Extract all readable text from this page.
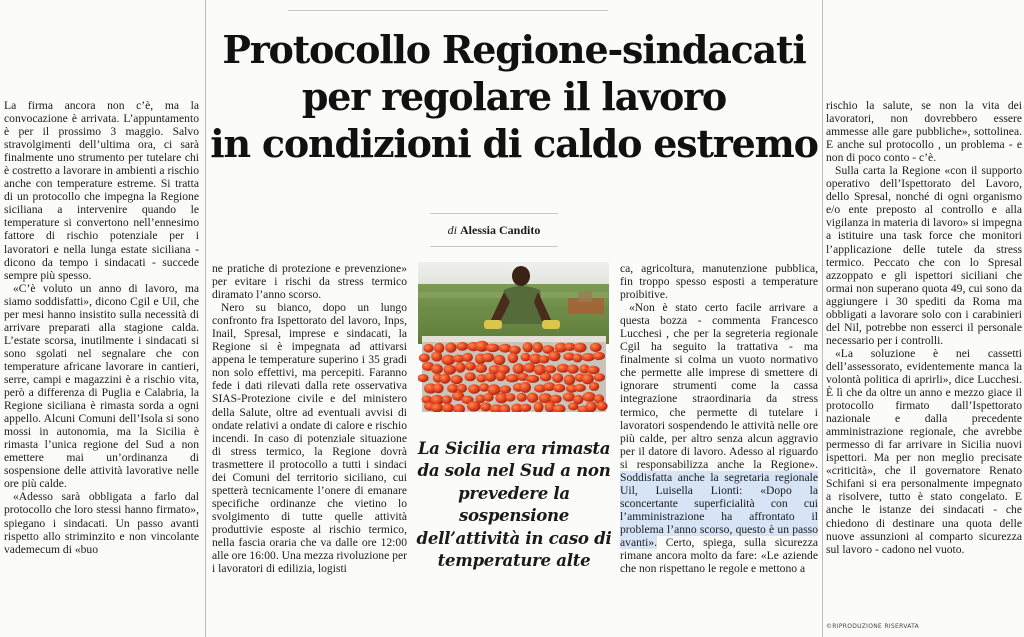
Protocollo Regione-sindacati
per regolare il lavoro
in condizioni di caldo estremo
di Alessia Candito

La firma ancora non c’è, ma la convocazione è arrivata. L’appuntamento è per il prossimo 3 maggio. Salvo stravolgimenti dell’ultima ora, ci sarà finalmente uno strumento per tutelare chi è costretto a lavorare in ambienti a rischio anche con temperature estreme. Si tratta di un protocollo che impegna la Regione siciliana a intervenire quando le temperature si convertono nell’ennesimo fattore di rischio potenziale per i lavoratori e nella lunga estate siciliana - dicono da tempo i sindacati - succede sempre più spesso.

«C’è voluto un anno di lavoro, ma siamo soddisfatti», dicono Cgil e Uil, che per mesi hanno insistito sulla necessità di arrivare preparati alla stagione calda. L’estate scorsa, inutilmente i sindacati si sono sgolati nel segnalare che con temperature africane lavorare in cantieri, serre, campi e magazzini è a rischio vita, però a differenza di Puglia e Calabria, la Regione siciliana è rimasta sorda a ogni appello. Alcuni Comuni dell’Isola si sono mossi in autonomia, ma la Sicilia è rimasta l’unica regione del Sud a non emettere mai un’ordinanza di sospensione delle attività lavorative nelle ore più calde.

«Adesso sarà obbligata a farlo dal protocollo che loro stessi hanno firmato», spiegano i sindacati. Un passo avanti rispetto allo striminzito e non vincolante vademecum di «buo

ne pratiche di protezione e prevenzione» per evitare i rischi da stress termico diramato l’anno scorso.

Nero su bianco, dopo un lungo confronto fra Ispettorato del lavoro, Inps, Inail, Spresal, imprese e sindacati, la Regione si è impegnata ad attivarsi appena le temperature superino i 35 gradi non solo effettivi, ma percepiti. Faranno fede i dati rilevati dalla rete osservativa SIAS-Protezione civile e del ministero della Salute, oltre ad eventuali avvisi di ondate relativi a ondate di calore e rischio incendi. In caso di potenziale situazione di stress termico, la Regione dovrà trasmettere il protocollo a tutti i sindaci dei Comuni del territorio siciliano, cui spetterà tecnicamente l’onere di emanare specifiche ordinanze che vietino lo svolgimento di tutte quelle attività produttivie esposte al rischio termico, nella fascia oraria che va dalle ore 12:00 alle ore 16:00. Una mezza rivoluzione per i lavoratori di edilizia, logisti

La Sicilia era rimasta da sola nel Sud a non prevedere la sospensione dell’attività in caso di temperature alte

ca, agricoltura, manutenzione pubblica, fin troppo spesso esposti a temperature proibitive.

«Non è stato certo facile arrivare a questa bozza - commenta Francesco Lucchesi , che per la segreteria regionale Cgil ha seguito la trattativa - ma finalmente si colma un vuoto normativo che permette alle imprese di smettere di ignorare strumenti come la cassa integrazione straordinaria da stress termico, che permette di tutelare i lavoratori sospendendo le attività nelle ore più calde, per altro senza alcun aggravio per il datore di lavoro. Adesso al riguardo si responsabilizza anche la Regione». Soddisfatta anche la segretaria regionale Uil, Luisella Lionti: «Dopo la sconcertante superficialità con cui l’amministrazione ha affrontato il problema l’anno scorso, questo è un passo avanti». Certo, spiega, sulla sicurezza rimane ancora molto da fare: «Le aziende che non rispettano le regole e mettono a

rischio la salute, se non la vita dei lavoratori, non dovrebbero essere ammesse alle gare pubbliche», sottolinea. E anche sul protocollo , un problema - e non di poco conto - c’è.

Sulla carta la Regione «con il supporto operativo dell’Ispettorato del Lavoro, dello Spresal, nonché di ogni organismo e/o ente preposto al controllo e alla vigilanza in materia di lavoro» si impegna a istituire una task force che monitori l’applicazione delle tutele da stress termico. Peccato che con lo Spresal azzoppato e gli ispettori siciliani che ormai non superano quota 49, cui sono da aggiungere i 30 spediti da Roma ma obbligati a lavorare solo con i carabinieri del Nil, potrebbe non esserci il personale necessario per i controlli.

«La soluzione è nei cassetti dell’assessorato, evidentemente manca la volontà politica di aprirli», dice Lucchesi. È lì che da oltre un anno e mezzo giace il protocollo firmato dall’Ispettorato nazionale e dalla precedente amministrazione regionale, che avrebbe permesso di far arrivare in Sicilia nuovi ispettori. Ma per non meglio precisate «criticità», che il governatore Renato Schifani si era personalmente impegnato a risolvere, tutto è stato congelato. E anche le istanze dei sindacati - che chiedono di destinare una quota delle nuove assunzioni al comparto sicurezza sul lavoro - cadono nel vuoto.

©RIPRODUZIONE RISERVATA
